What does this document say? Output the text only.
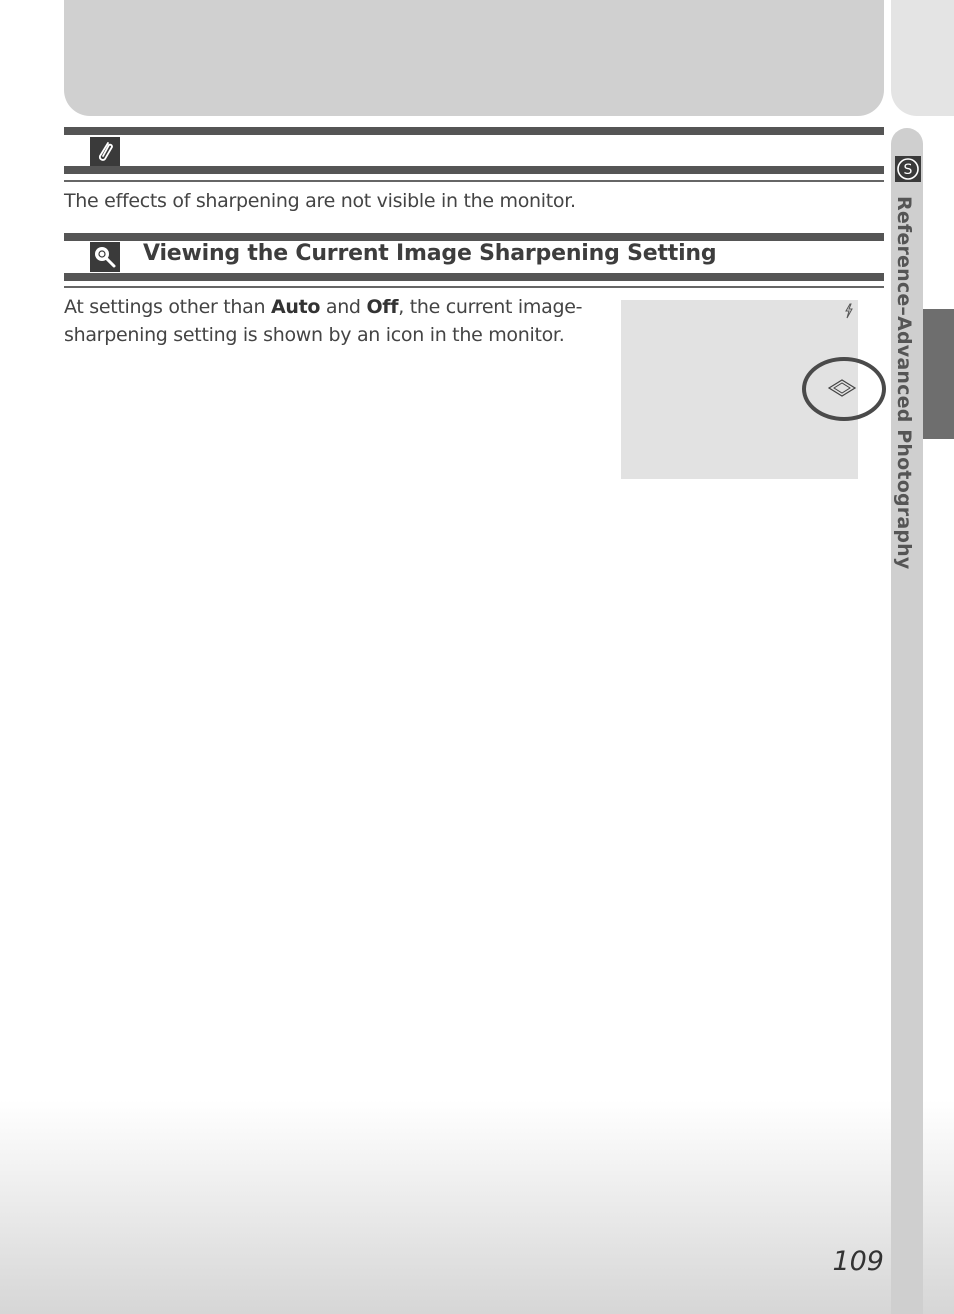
S
Reference–Advanced Photography
The effects of sharpening are not visible in the monitor.
Viewing the Current Image Sharpening Setting
At settings other than Auto and Off, the current image-sharpening setting is shown by an icon in the monitor.
109
